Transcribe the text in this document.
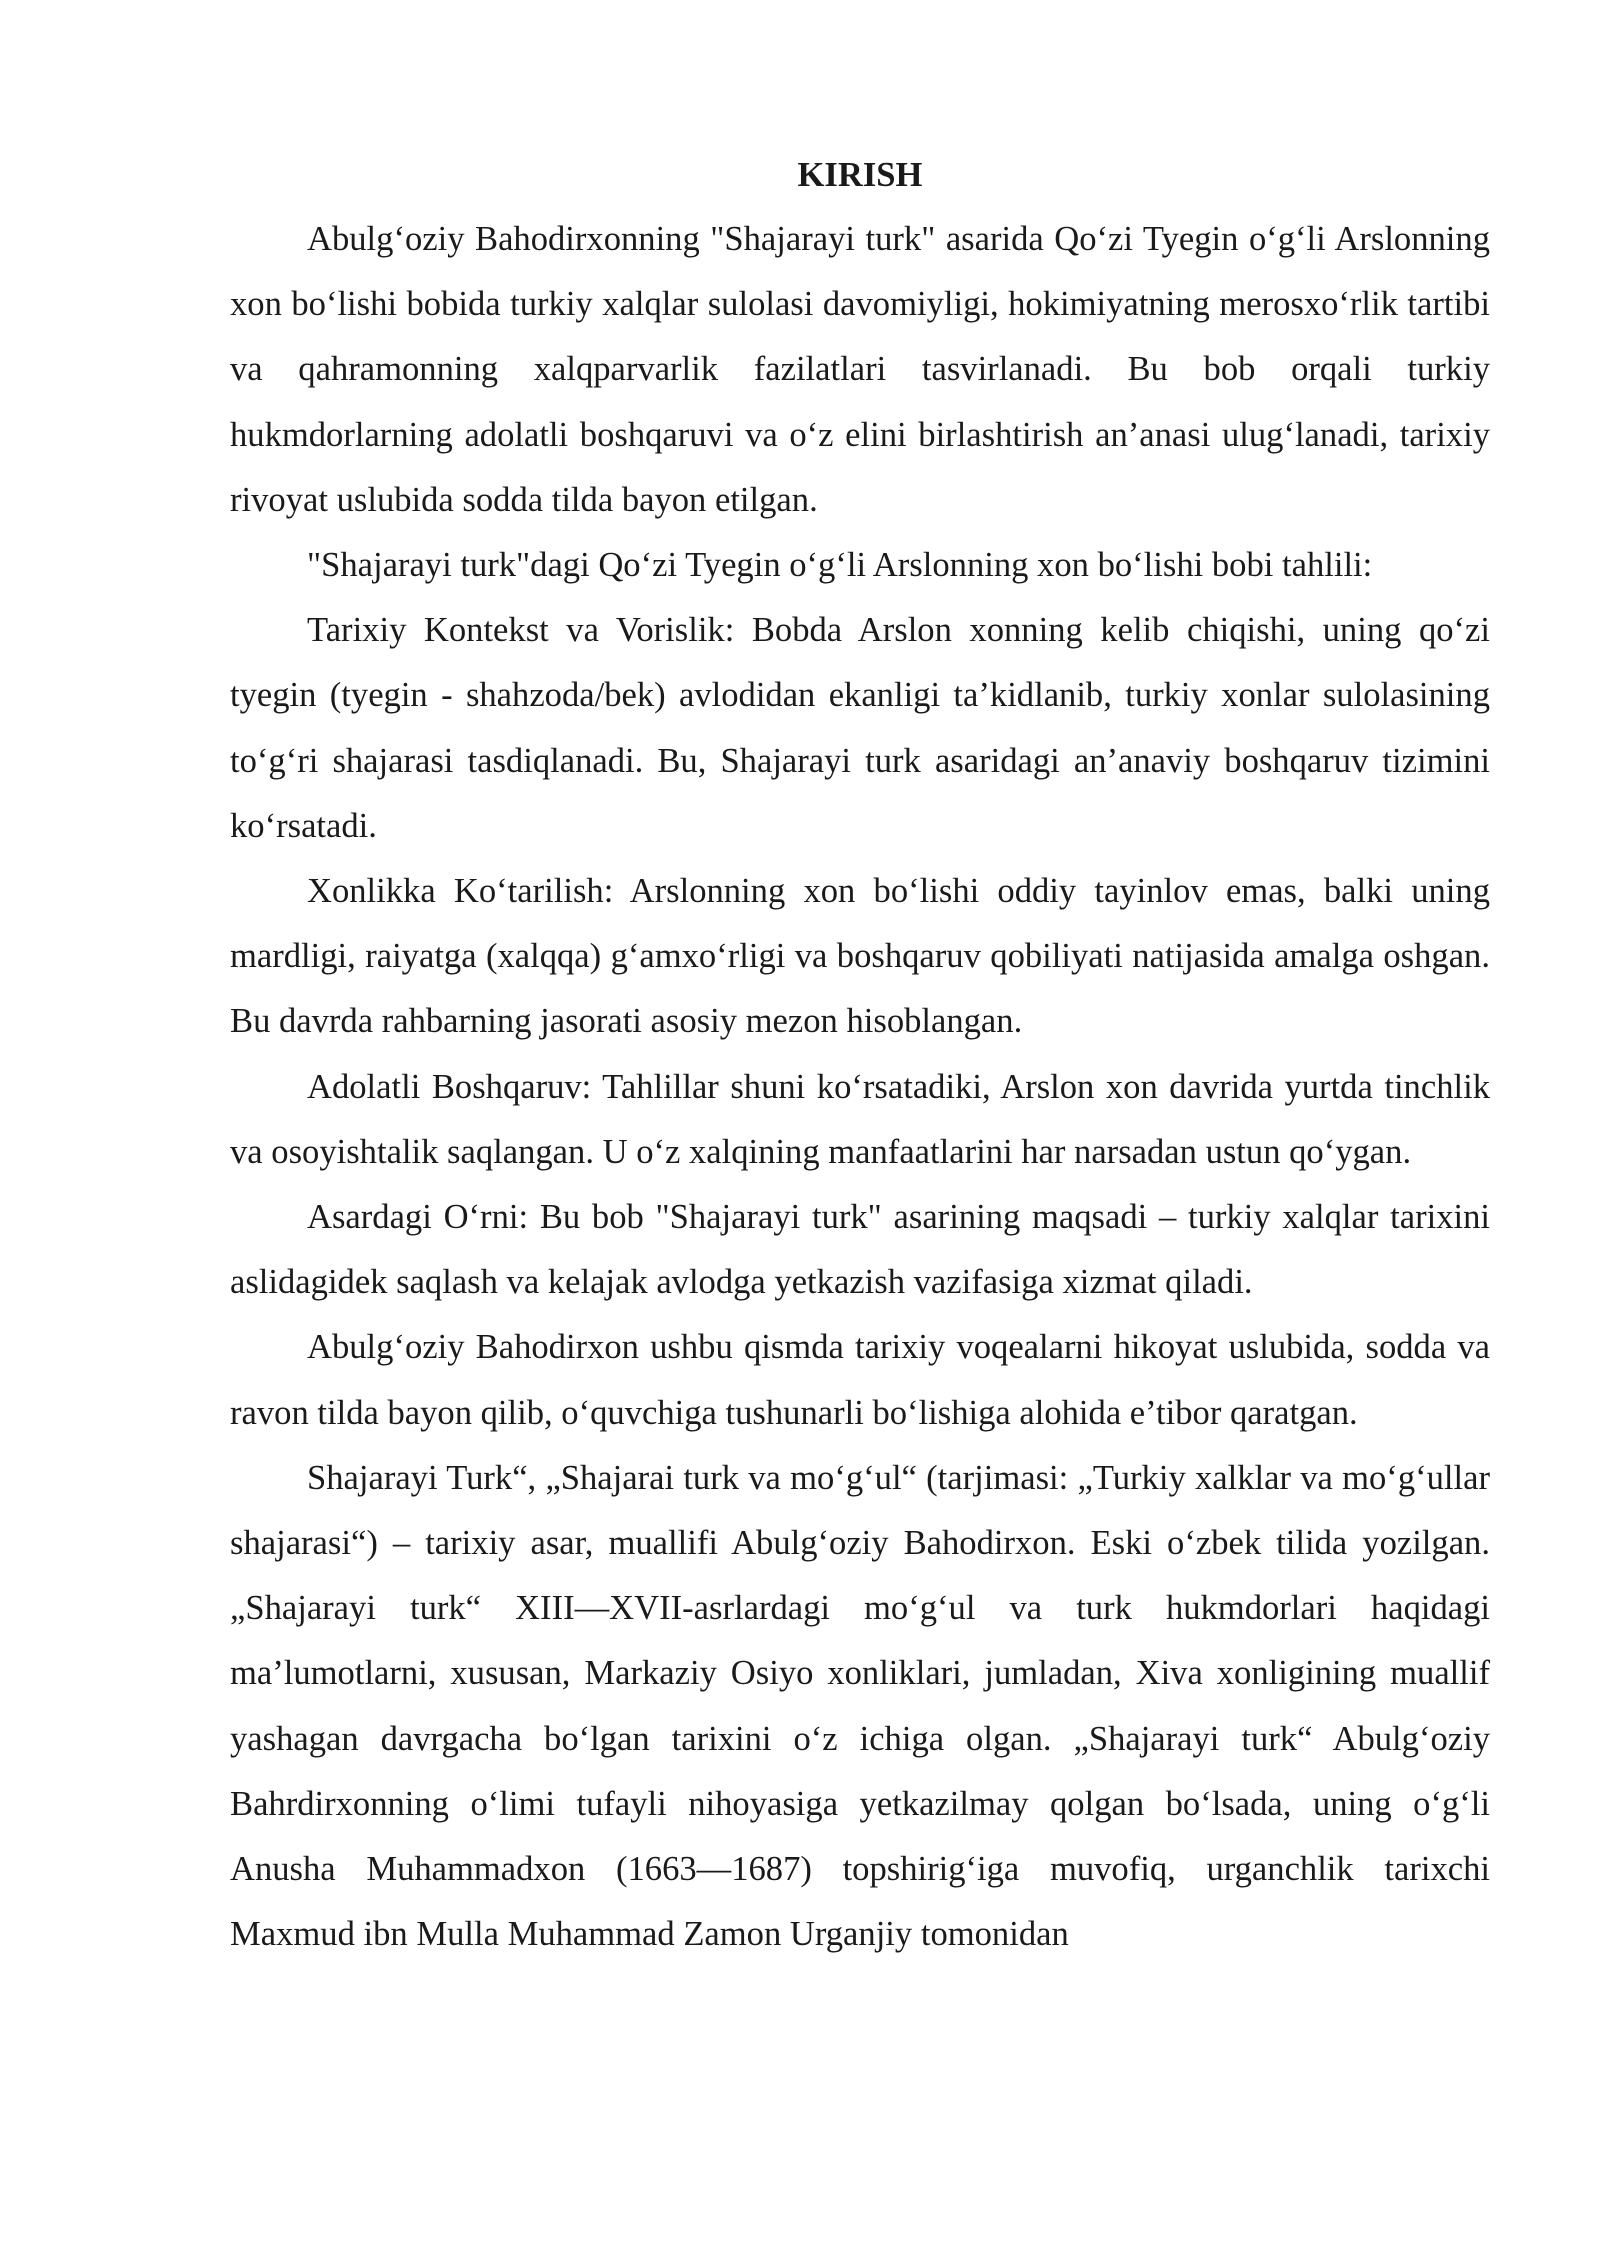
KIRISH

Abulg‘oziy Bahodirxonning "Shajarayi turk" asarida Qo‘zi Tyegin o‘g‘li Arslonning xon bo‘lishi bobida turkiy xalqlar sulolasi davomiyligi, hokimiyatning merosxo‘rlik tartibi va qahramonning xalqparvarlik fazilatlari tasvirlanadi. Bu bob orqali turkiy hukmdorlarning adolatli boshqaruvi va o‘z elini birlashtirish an’anasi ulug‘lanadi, tarixiy rivoyat uslubida sodda tilda bayon etilgan.

"Shajarayi turk"dagi Qo‘zi Tyegin o‘g‘li Arslonning xon bo‘lishi bobi tahlili:

Tarixiy Kontekst va Vorislik: Bobda Arslon xonning kelib chiqishi, uning qo‘zi tyegin (tyegin - shahzoda/bek) avlodidan ekanligi ta’kidlanib, turkiy xonlar sulolasining to‘g‘ri shajarasi tasdiqlanadi. Bu, Shajarayi turk asaridagi an’anaviy boshqaruv tizimini ko‘rsatadi.

Xonlikka Ko‘tarilish: Arslonning xon bo‘lishi oddiy tayinlov emas, balki uning mardligi, raiyatga (xalqqa) g‘amxo‘rligi va boshqaruv qobiliyati natijasida amalga oshgan. Bu davrda rahbarning jasorati asosiy mezon hisoblangan.

Adolatli Boshqaruv: Tahlillar shuni ko‘rsatadiki, Arslon xon davrida yurtda tinchlik va osoyishtalik saqlangan. U o‘z xalqining manfaatlarini har narsadan ustun qo‘ygan.

Asardagi O‘rni: Bu bob "Shajarayi turk" asarining maqsadi – turkiy xalqlar tarixini aslidagidek saqlash va kelajak avlodga yetkazish vazifasiga xizmat qiladi.

Abulg‘oziy Bahodirxon ushbu qismda tarixiy voqealarni hikoyat uslubida, sodda va ravon tilda bayon qilib, o‘quvchiga tushunarli bo‘lishiga alohida e’tibor qaratgan.

Shajarayi Turk“, „Shajarai turk va mo‘g‘ul“ (tarjimasi: „Turkiy xalklar va mo‘g‘ullar shajarasi“) – tarixiy asar, muallifi Abulg‘oziy Bahodirxon. Eski o‘zbek tilida yozilgan. „Shajarayi turk“ XIII—XVII-asrlardagi mo‘g‘ul va turk hukmdorlari haqidagi ma’lumotlarni, xususan, Markaziy Osiyo xonliklari, jumladan, Xiva xonligining muallif yashagan davrgacha bo‘lgan tarixini o‘z ichiga olgan. „Shajarayi turk“ Abulg‘oziy Bahrdirxonning o‘limi tufayli nihoyasiga yetkazilmay qolgan bo‘lsada, uning o‘g‘li Anusha Muhammadxon (1663—1687) topshirig‘iga muvofiq, urganchlik tarixchi Maxmud ibn Mulla Muhammad Zamon Urganjiy tomonidan
